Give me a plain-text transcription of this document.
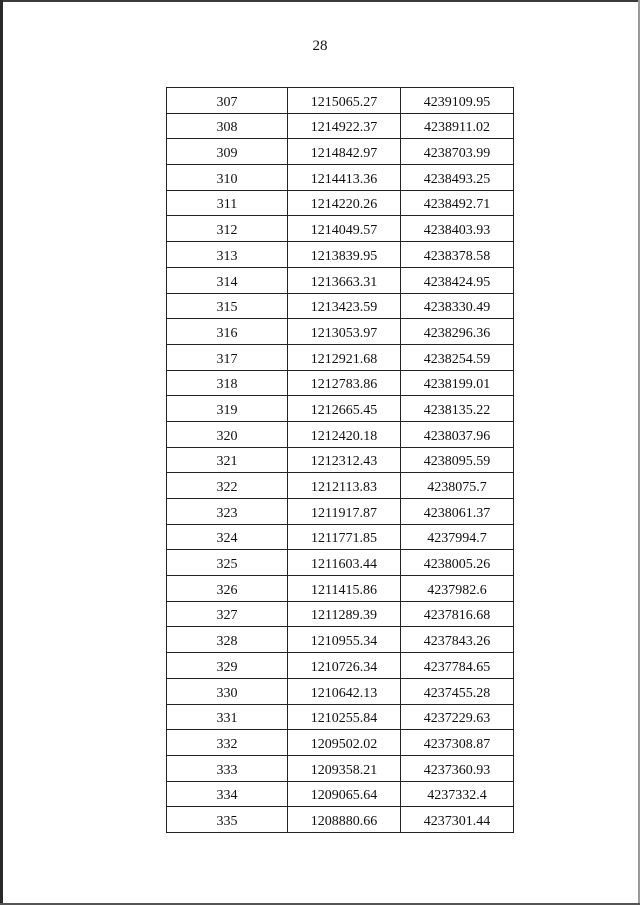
28
307	1215065.27	4239109.95
308	1214922.37	4238911.02
309	1214842.97	4238703.99
310	1214413.36	4238493.25
311	1214220.26	4238492.71
312	1214049.57	4238403.93
313	1213839.95	4238378.58
314	1213663.31	4238424.95
315	1213423.59	4238330.49
316	1213053.97	4238296.36
317	1212921.68	4238254.59
318	1212783.86	4238199.01
319	1212665.45	4238135.22
320	1212420.18	4238037.96
321	1212312.43	4238095.59
322	1212113.83	4238075.7
323	1211917.87	4238061.37
324	1211771.85	4237994.7
325	1211603.44	4238005.26
326	1211415.86	4237982.6
327	1211289.39	4237816.68
328	1210955.34	4237843.26
329	1210726.34	4237784.65
330	1210642.13	4237455.28
331	1210255.84	4237229.63
332	1209502.02	4237308.87
333	1209358.21	4237360.93
334	1209065.64	4237332.4
335	1208880.66	4237301.44
